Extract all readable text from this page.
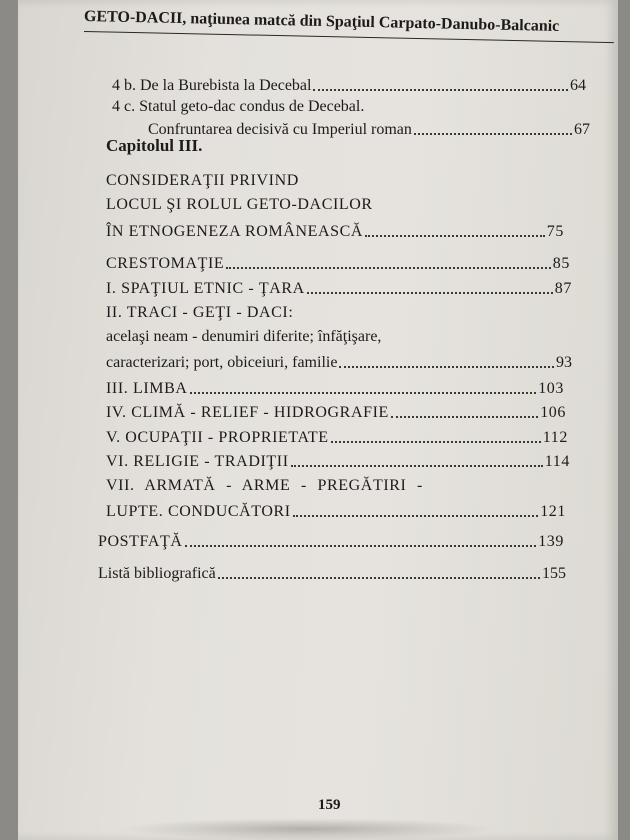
GETO-DACII, naţiunea matcă din Spaţiul Carpato-Danubo-Balcanic
4 b. De la Burebista la Decebal	64
4 c. Statul geto-dac condus de Decebal.
Confruntarea decisivă cu Imperiul roman	67
Capitolul III.
CONSIDERAŢII PRIVIND
LOCUL ŞI ROLUL GETO-DACILOR
ÎN ETNOGENEZA ROMÂNEASCĂ	75
CRESTOMAŢIE	85
I. SPAŢIUL ETNIC - ŢARA	87
II. TRACI - GEŢI - DACI:
acelaşi neam - denumiri diferite; înfăţişare,
caracterizari; port, obiceiuri, familie	93
III. LIMBA	103
IV. CLIMĂ - RELIEF - HIDROGRAFIE	106
V. OCUPAŢII - PROPRIETATE	112
VI. RELIGIE - TRADIŢII	114
VII. ARMATĂ - ARME - PREGĂTIRI -
LUPTE. CONDUCĂTORI	121
POSTFAŢĂ	139
Listă bibliografică	155
159
